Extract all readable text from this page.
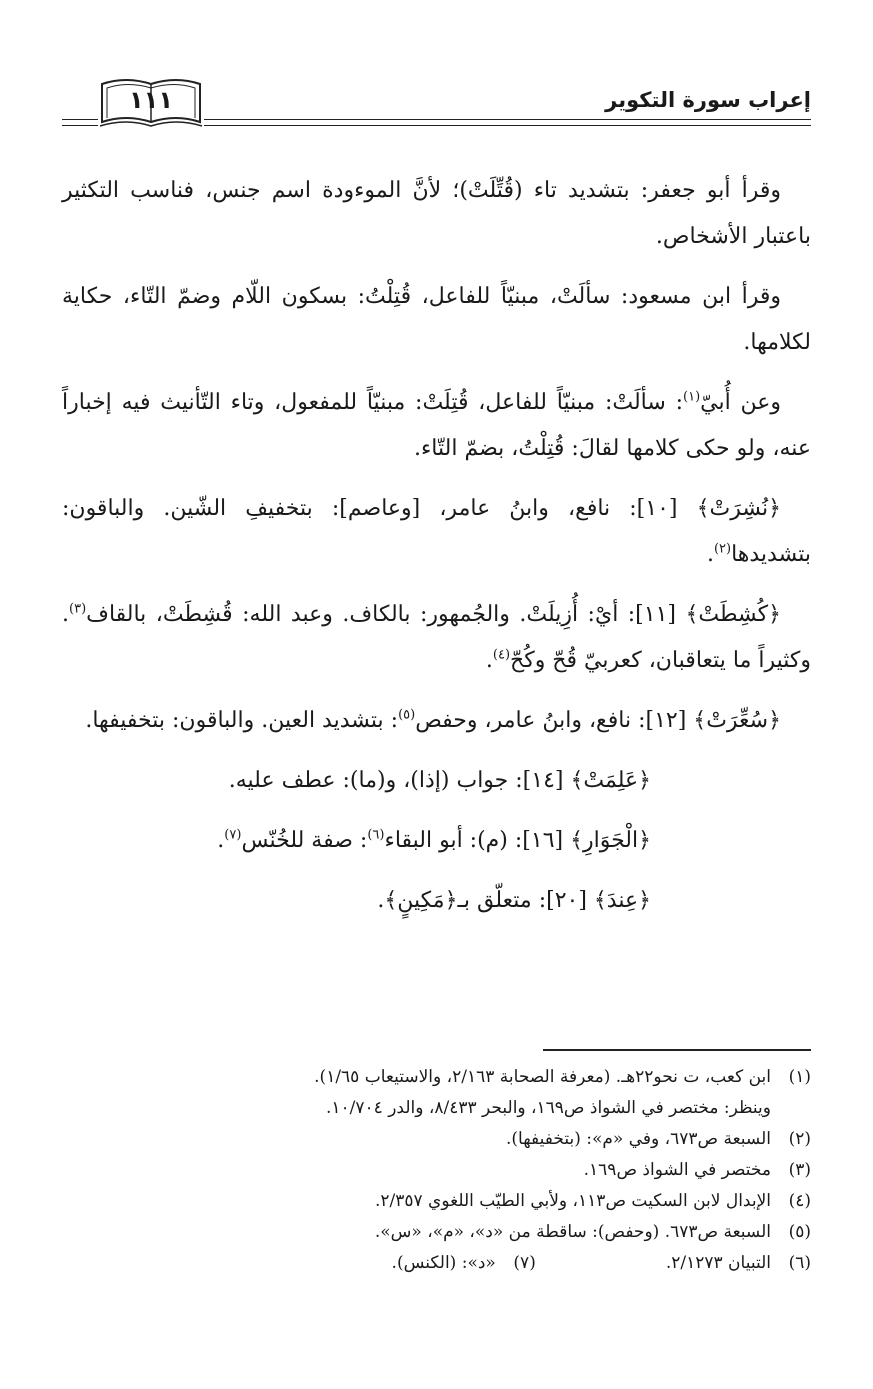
إعراب سورة التكوير
١١١

وقرأ أبو جعفر: بتشديد تاء (قُتِّلَتْ)؛ لأنَّ الموءودة اسم جنس، فناسب التكثير باعتبار الأشخاص.

وقرأ ابن مسعود: سألَتْ، مبنيّاً للفاعل، قُتِلْتُ: بسكون اللّام وضمّ التّاء، حكاية لكلامها.

وعن أُبيّ$^{(١)}$: سألَتْ: مبنيّاً للفاعل، قُتِلَتْ: مبنيّاً للمفعول، وتاء التّأنيث فيه إخباراً عنه، ولو حكى كلامها لقالَ: قُتِلْتُ، بضمّ التّاء.

﴿نُشِرَتْ﴾ [١٠]: نافع، وابنُ عامر، [وعاصم]: بتخفيفِ الشّين. والباقون: بتشديدها$^{(٢)}$.

﴿كُشِطَتْ﴾ [١١]: أيْ: أُزِيلَتْ. والجُمهور: بالكاف. وعبد الله: قُشِطَتْ، بالقاف$^{(٣)}$. وكثيراً ما يتعاقبان، كعربيّ قُحّ وكُحّ$^{(٤)}$.

﴿سُعِّرَتْ﴾ [١٢]: نافع، وابنُ عامر، وحفص$^{(٥)}$: بتشديد العين. والباقون: بتخفيفها.

﴿عَلِمَتْ﴾ [١٤]: جواب (إذا)، و(ما): عطف عليه.

﴿الْجَوَارِ﴾ [١٦]: (م): أبو البقاء$^{(٦)}$: صفة للخُنّس$^{(٧)}$.

﴿عِندَ﴾ [٢٠]: متعلّق بـ﴿مَكِينٍ﴾.

(١)ابن كعب، ت نحو٢٢هـ. (معرفة الصحابة ٢/١٦٣، والاستيعاب ١/٦٥).
وينظر: مختصر في الشواذ ص١٦٩، والبحر ٨/٤٣٣، والدر ١٠/٧٠٤.
(٢)السبعة ص٦٧٣، وفي «م»: (بتخفيفها).
(٣)مختصر في الشواذ ص١٦٩.
(٤)الإبدال لابن السكيت ص١١٣، ولأبي الطيّب اللغوي ٢/٣٥٧.
(٥)السبعة ص٦٧٣. (وحفص): ساقطة من «د»، «م»، «س».
(٦)التبيان ٢/١٢٧٣.(٧)«د»: (الكنس).
